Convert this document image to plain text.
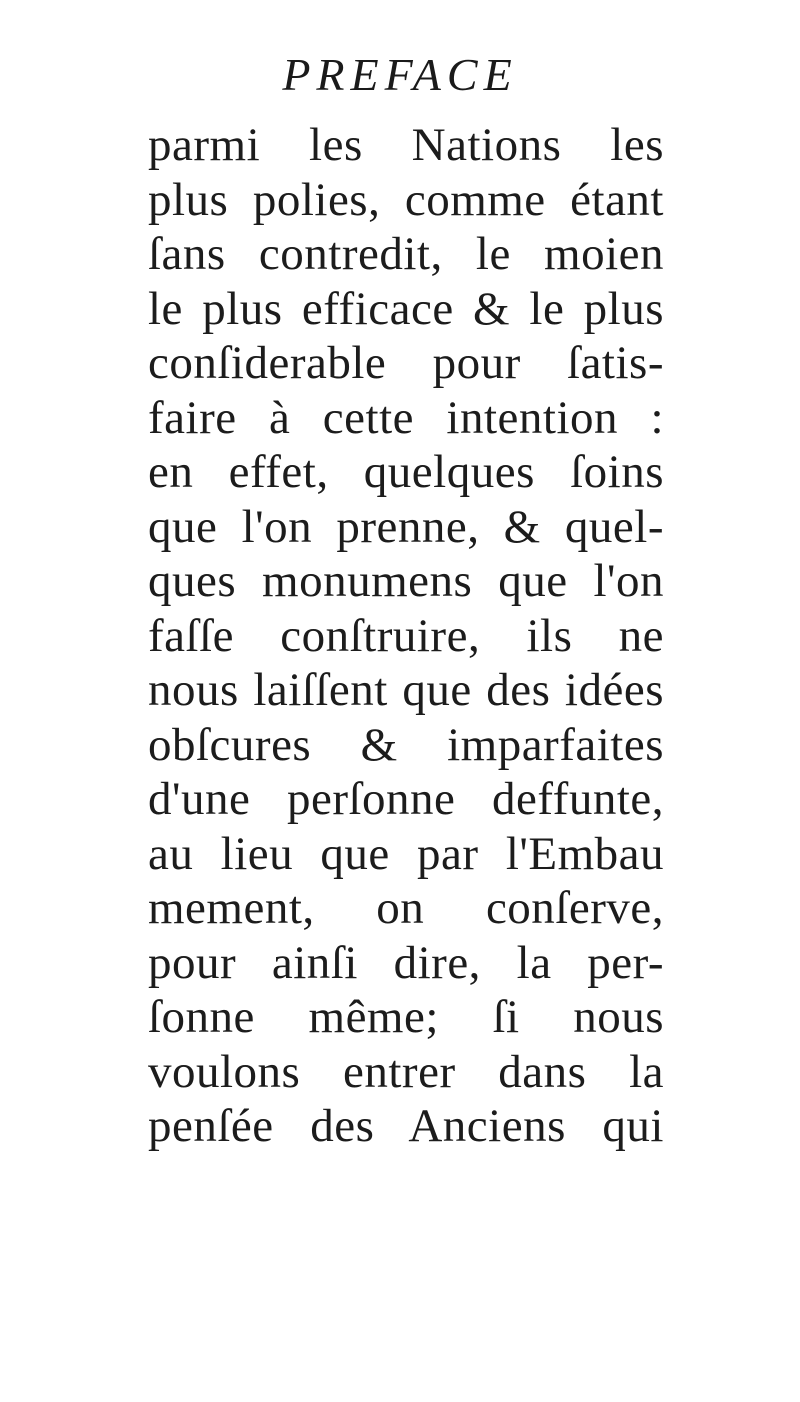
PREFACE
parmi les Nations les
plus polies, comme étant
ſans contredit, le moien
le plus efficace & le plus
conſiderable pour ſatis-
faire à cette intention :
en effet, quelques ſoins
que l'on prenne, & quel-
ques monumens que l'on
faſſe conſtruire, ils ne
nous laiſſent que des idées
obſcures & imparfaites
d'une perſonne deffunte,
au lieu que par l'Embau
mement, on conſerve,
pour ainſi dire, la per-
ſonne même; ſi nous
voulons entrer dans la
penſée des Anciens qui
